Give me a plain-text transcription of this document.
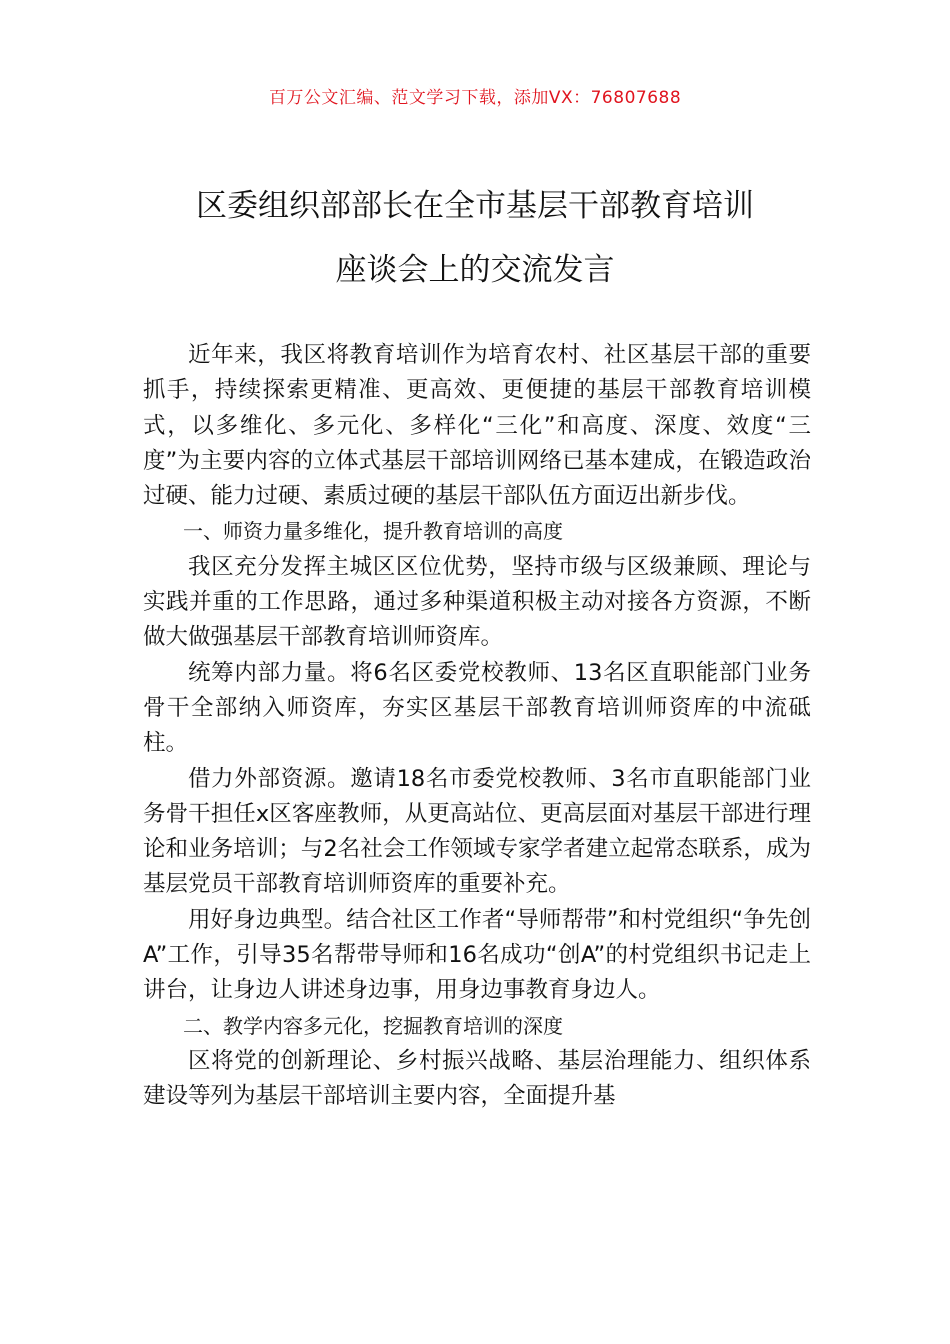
百万公文汇编、范文学习下载，添加VX：76807688
区委组织部部长在全市基层干部教育培训
座谈会上的交流发言

近年来，我区将教育培训作为培育农村、社区基层干部的重要抓手，持续探索更精准、更高效、更便捷的基层干部教育培训模式，以多维化、多元化、多样化“三化”和高度、深度、效度“三度”为主要内容的立体式基层干部培训网络已基本建成，在锻造政治过硬、能力过硬、素质过硬的基层干部队伍方面迈出新步伐。

一、师资力量多维化，提升教育培训的高度

我区充分发挥主城区区位优势，坚持市级与区级兼顾、理论与实践并重的工作思路，通过多种渠道积极主动对接各方资源，不断做大做强基层干部教育培训师资库。

统筹内部力量。将6名区委党校教师、13名区直职能部门业务骨干全部纳入师资库，夯实区基层干部教育培训师资库的中流砥柱。

借力外部资源。邀请18名市委党校教师、3名市直职能部门业务骨干担任x区客座教师，从更高站位、更高层面对基层干部进行理论和业务培训；与2名社会工作领域专家学者建立起常态联系，成为基层党员干部教育培训师资库的重要补充。

用好身边典型。结合社区工作者“导师帮带”和村党组织“争先创A”工作，引导35名帮带导师和16名成功“创A”的村党组织书记走上讲台，让身边人讲述身边事，用身边事教育身边人。

二、教学内容多元化，挖掘教育培训的深度

区将党的创新理论、乡村振兴战略、基层治理能力、组织体系建设等列为基层干部培训主要内容，全面提升基
